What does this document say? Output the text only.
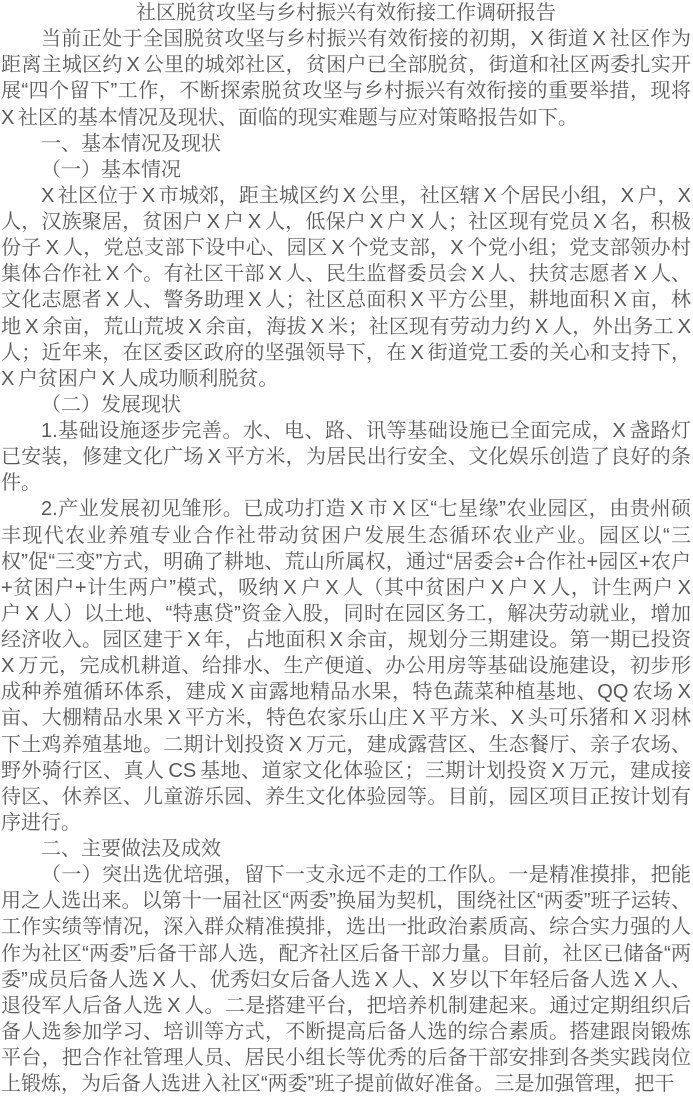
社区脱贫攻坚与乡村振兴有效衔接工作调研报告

当前正处于全国脱贫攻坚与乡村振兴有效衔接的初期，X 街道 X 社区作为距离主城区约 X 公里的城郊社区，贫困户已全部脱贫，街道和社区两委扎实开展“四个留下”工作，不断探索脱贫攻坚与乡村振兴有效衔接的重要举措，现将 X 社区的基本情况及现状、面临的现实难题与应对策略报告如下。

一、基本情况及现状

（一）基本情况

X 社区位于 X 市城郊，距主城区约 X 公里，社区辖 X 个居民小组，X 户，X 人，汉族聚居，贫困户 X 户 X 人，低保户 X 户 X 人；社区现有党员 X 名，积极份子 X 人，党总支部下设中心、园区 X 个党支部，X 个党小组；党支部领办村集体合作社 X 个。有社区干部 X 人、民生监督委员会 X 人、扶贫志愿者 X 人、文化志愿者 X 人、警务助理 X 人；社区总面积 X 平方公里，耕地面积 X 亩，林地 X 余亩，荒山荒坡 X 余亩，海拔 X 米；社区现有劳动力约 X 人，外出务工 X 人；近年来，在区委区政府的坚强领导下，在 X 街道党工委的关心和支持下，X 户贫困户 X 人成功顺利脱贫。

（二）发展现状

1.基础设施逐步完善。水、电、路、讯等基础设施已全面完成，X 盏路灯已安装，修建文化广场 X 平方米，为居民出行安全、文化娱乐创造了良好的条件。

2.产业发展初见雏形。已成功打造 X 市 X 区“七星缘”农业园区，由贵州硕丰现代农业养殖专业合作社带动贫困户发展生态循环农业产业。园区以“三权”促“三变”方式，明确了耕地、荒山所属权，通过“居委会+合作社+园区+农户+贫困户+计生两户”模式，吸纳 X 户 X 人（其中贫困户 X 户 X 人，计生两户 X 户 X 人）以土地、“特惠贷”资金入股，同时在园区务工，解决劳动就业，增加经济收入。园区建于 X 年，占地面积 X 余亩，规划分三期建设。第一期已投资 X 万元，完成机耕道、给排水、生产便道、办公用房等基础设施建设，初步形成种养殖循环体系，建成 X 亩露地精品水果，特色蔬菜种植基地、QQ 农场 X 亩、大棚精品水果 X 平方米，特色农家乐山庄 X 平方米、X 头可乐猪和 X 羽林下土鸡养殖基地。二期计划投资 X 万元，建成露营区、生态餐厅、亲子农场、野外骑行区、真人 CS 基地、道家文化体验区；三期计划投资 X 万元，建成接待区、休养区、儿童游乐园、养生文化体验园等。目前，园区项目正按计划有序进行。

二、主要做法及成效

（一）突出选优培强，留下一支永远不走的工作队。一是精准摸排，把能用之人选出来。以第十一届社区“两委”换届为契机，围绕社区“两委”班子运转、工作实绩等情况，深入群众精准摸排，选出一批政治素质高、综合实力强的人作为社区“两委”后备干部人选，配齐社区后备干部力量。目前，社区已储备“两委”成员后备人选 X 人、优秀妇女后备人选 X 人、X 岁以下年轻后备人选 X 人、退役军人后备人选 X 人。二是搭建平台，把培养机制建起来。通过定期组织后备人选参加学习、培训等方式，不断提高后备人选的综合素质。搭建跟岗锻炼平台，把合作社管理人员、居民小组长等优秀的后备干部安排到各类实践岗位上锻炼，为后备人选进入社区“两委”班子提前做好准备。三是加强管理，把干
